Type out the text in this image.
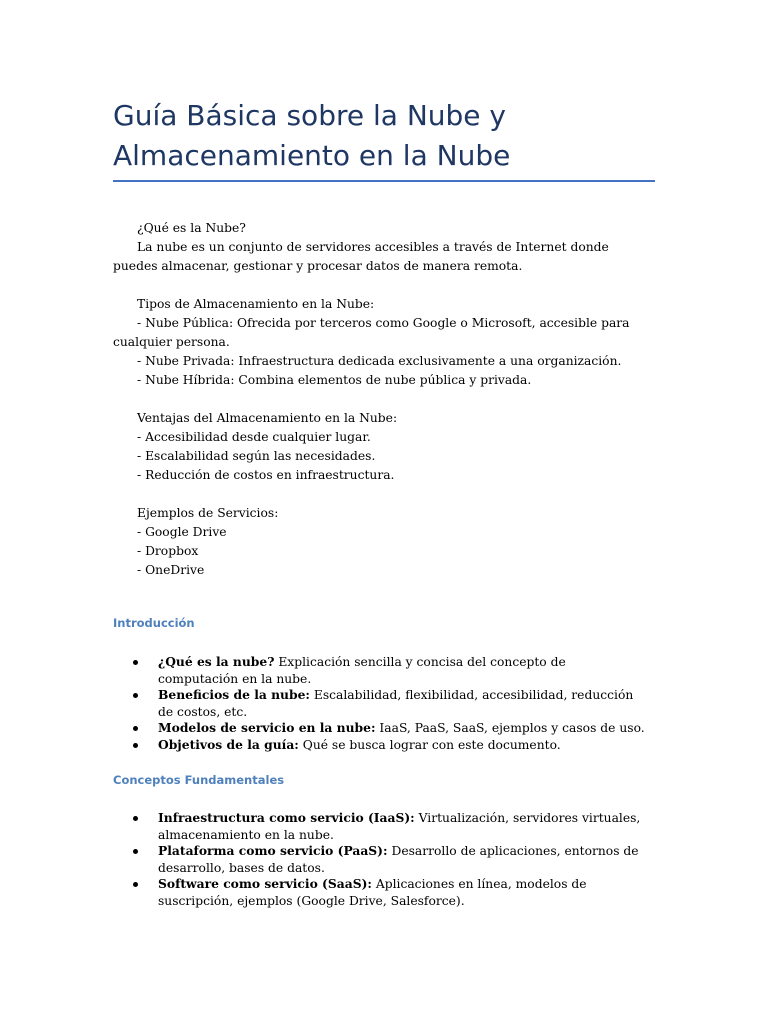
Guía Básica sobre la Nube y Almacenamiento en la Nube

¿Qué es la Nube?

La nube es un conjunto de servidores accesibles a través de Internet donde puedes almacenar, gestionar y procesar datos de manera remota.

Tipos de Almacenamiento en la Nube:

- Nube Pública: Ofrecida por terceros como Google o Microsoft, accesible para cualquier persona.

- Nube Privada: Infraestructura dedicada exclusivamente a una organización.

- Nube Híbrida: Combina elementos de nube pública y privada.

Ventajas del Almacenamiento en la Nube:

- Accesibilidad desde cualquier lugar.

- Escalabilidad según las necesidades.

- Reducción de costos en infraestructura.

Ejemplos de Servicios:

- Google Drive

- Dropbox

- OneDrive

Introducción
¿Qué es la nube? Explicación sencilla y concisa del concepto de computación en la nube.
Beneficios de la nube: Escalabilidad, flexibilidad, accesibilidad, reducción de costos, etc.
Modelos de servicio en la nube: IaaS, PaaS, SaaS, ejemplos y casos de uso.
Objetivos de la guía: Qué se busca lograr con este documento.
Conceptos Fundamentales
Infraestructura como servicio (IaaS): Virtualización, servidores virtuales, almacenamiento en la nube.
Plataforma como servicio (PaaS): Desarrollo de aplicaciones, entornos de desarrollo, bases de datos.
Software como servicio (SaaS): Aplicaciones en línea, modelos de suscripción, ejemplos (Google Drive, Salesforce).
